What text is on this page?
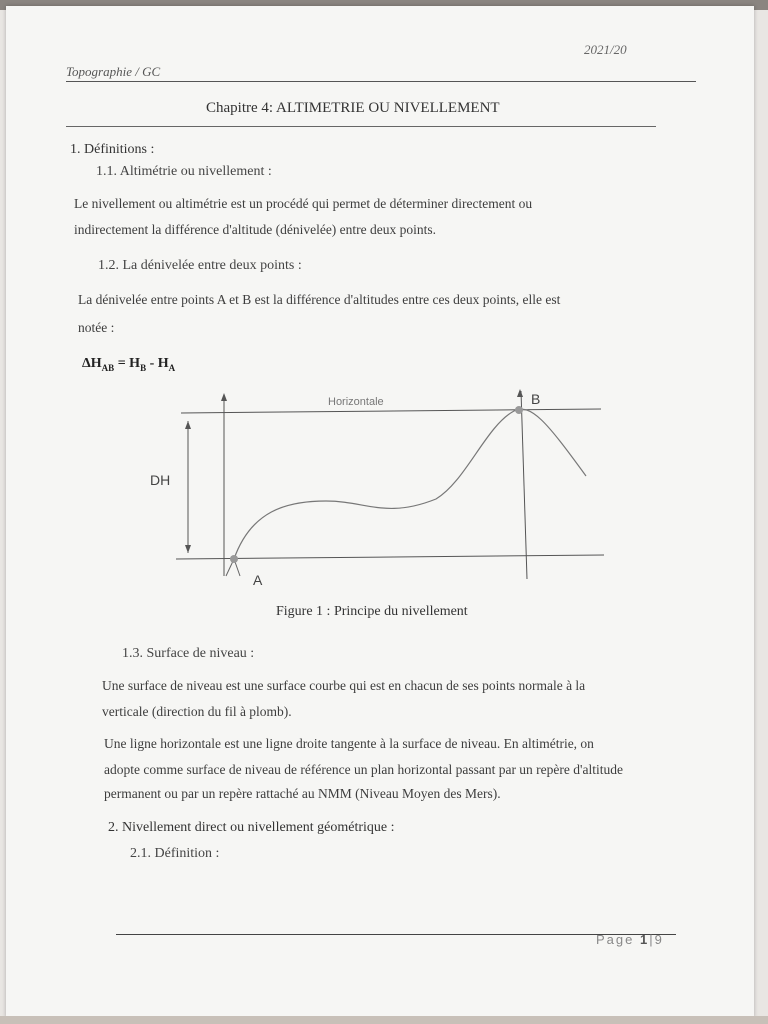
2021/20
Topographie / GC
Chapitre 4: ALTIMETRIE OU NIVELLEMENT
1. Définitions :
1.1. Altimétrie ou nivellement :
Le nivellement ou altimétrie est un procédé qui permet de déterminer directement ou
indirectement la différence d'altitude (dénivelée) entre deux points.
1.2. La dénivelée entre deux points :
La dénivelée entre points A et B est la différence d'altitudes entre ces deux points, elle est
notée :
$\Delta H_{AB} = H_B - H_A$
Horizontale
DH
A
B
Figure 1 : Principe du nivellement
1.3. Surface de niveau :
Une surface de niveau est une surface courbe qui est en chacun de ses points normale à la
verticale (direction du fil à plomb).
Une ligne horizontale est une ligne droite tangente à la surface de niveau. En altimétrie, on
adopte comme surface de niveau de référence un plan horizontal passant par un repère d'altitude
permanent ou par un repère rattaché au NMM (Niveau Moyen des Mers).
2. Nivellement direct ou nivellement géométrique :
2.1. Définition :
Page 1|9
